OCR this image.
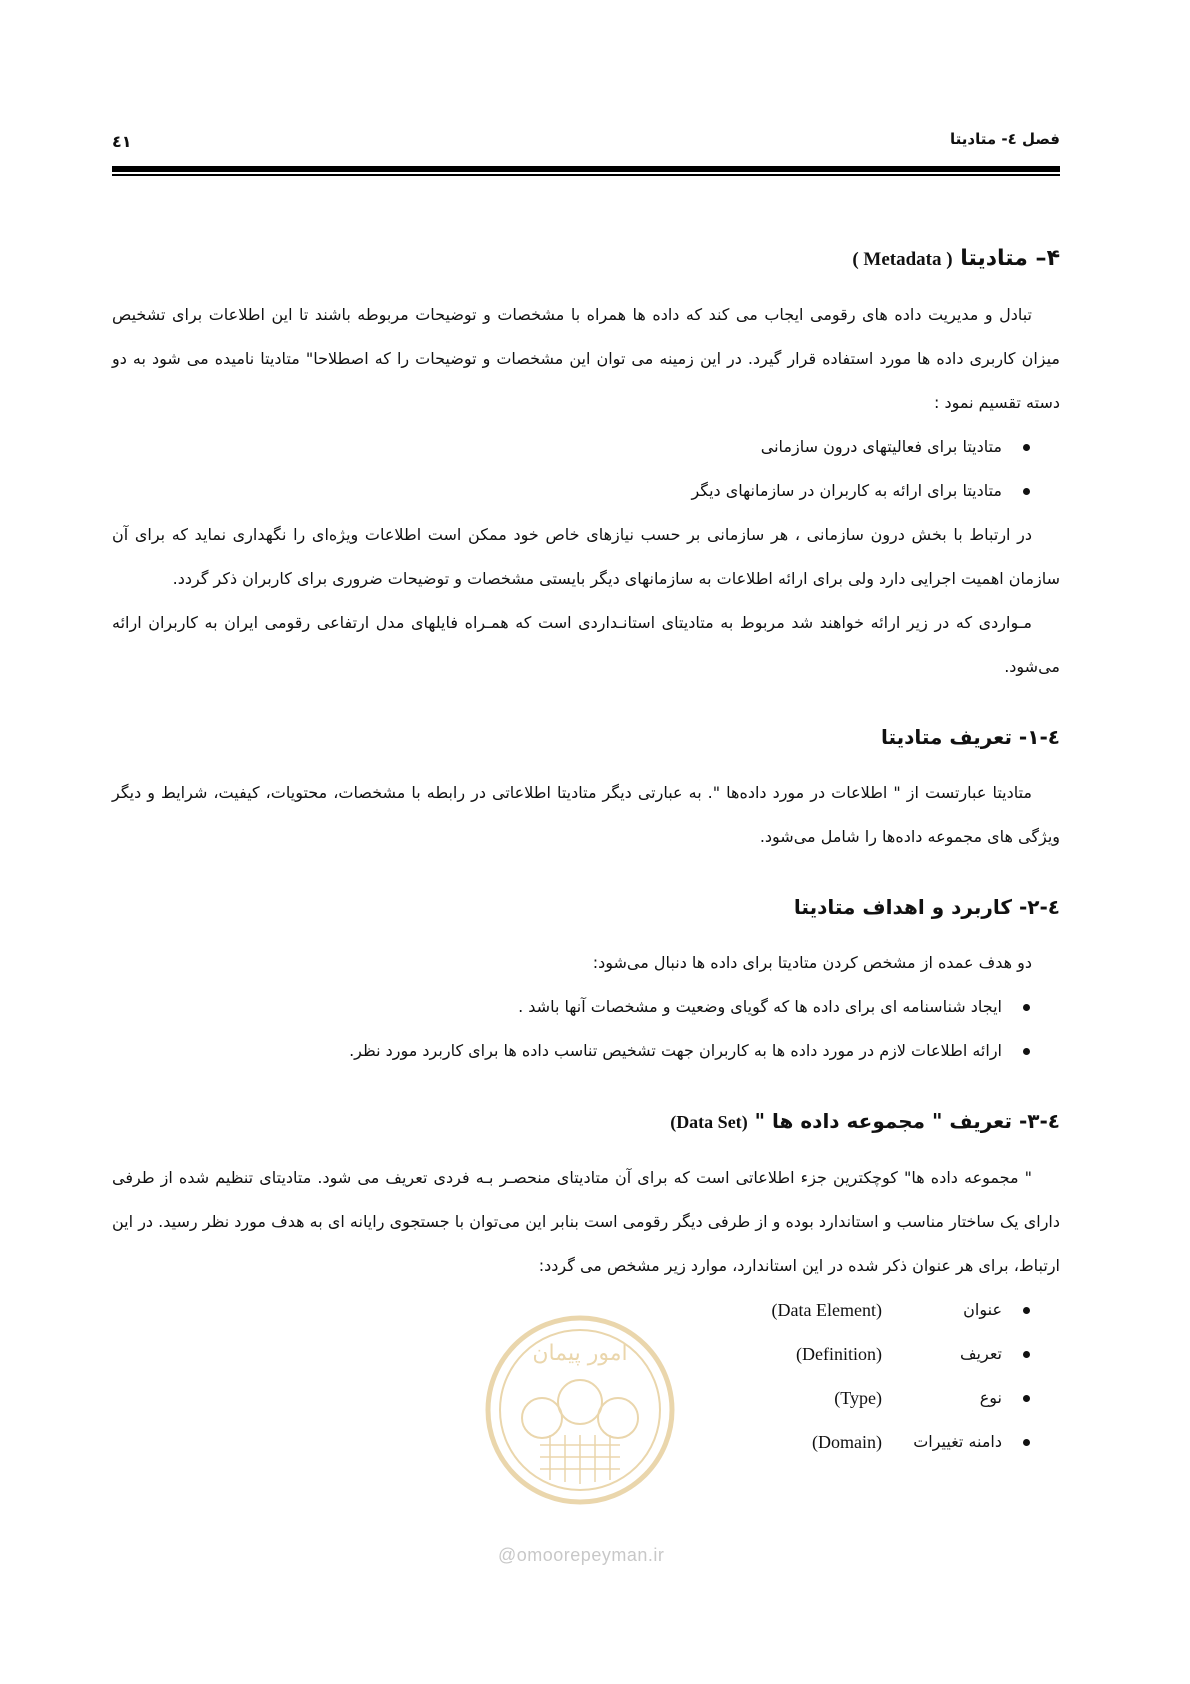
فصل ٤- متادیتا
٤١
۴– متادیتا ( Metadata )

تبادل و مدیریت داده های رقومی ایجاب می کند که داده ها همراه با مشخصات و توضیحات مربوطه باشند تا این اطلاعات برای تشخیص میزان کاربری داده ها مورد استفاده قرار گیرد. در این زمینه می توان این مشخصات و توضیحات را که اصطلاحا" متادیتا نامیده می شود به دو دسته تقسیم نمود :

متادیتا برای فعالیتهای درون سازمانی
متادیتا برای ارائه به کاربران در سازمانهای دیگر

در ارتباط با بخش درون سازمانی ، هر سازمانی بر حسب نیازهای خاص خود ممکن است اطلاعات ویژه‌ای را نگهداری نماید که برای آن سازمان اهمیت اجرایی دارد ولی برای ارائه اطلاعات به سازمانهای دیگر بایستی مشخصات و توضیحات ضروری برای کاربران ذکر گردد.

مـواردی که در زیر ارائه خواهند شد مربوط به متادیتای استانـداردی است که همـراه فایلهای مدل ارتفاعی رقومی ایران به کاربران ارائه می‌شود.

٤-۱- تعریف متادیتا

متادیتا عبارتست از " اطلاعات در مورد داده‌ها ". به عبارتی دیگر متادیتا اطلاعاتی در رابطه با مشخصات، محتویات، کیفیت، شرایط و دیگر ویژگی های مجموعه داده‌ها را شامل می‌شود.

٤-۲- کاربرد و اهداف متادیتا

دو هدف عمده از مشخص کردن متادیتا برای داده ها دنبال می‌شود:

ایجاد شناسنامه ای برای داده ها که گویای وضعیت و مشخصات آنها باشد .
ارائه اطلاعات لازم در مورد داده ها به کاربران جهت تشخیص تناسب داده ها برای کاربرد مورد نظر.
٤-۳- تعریف " مجموعه داده ها " (Data Set)

" مجموعه داده ها" کوچکترین جزء اطلاعاتی است که برای آن متادیتای منحصـر بـه فردی تعریف می شود. متادیتای تنظیم شده از طرفی دارای یک ساختار مناسب و استاندارد بوده و از طرفی دیگر رقومی است بنابر این می‌توان با جستجوی رایانه ای به هدف مورد نظر رسید. در این ارتباط، برای هر عنوان ذکر شده در این استاندارد، موارد زیر مشخص می گردد:

عنوان
(Data Element)
تعریف
(Definition)
نوع
(Type)
دامنه تغییرات
(Domain)
امور پیمان
@omoorepeyman.ir
